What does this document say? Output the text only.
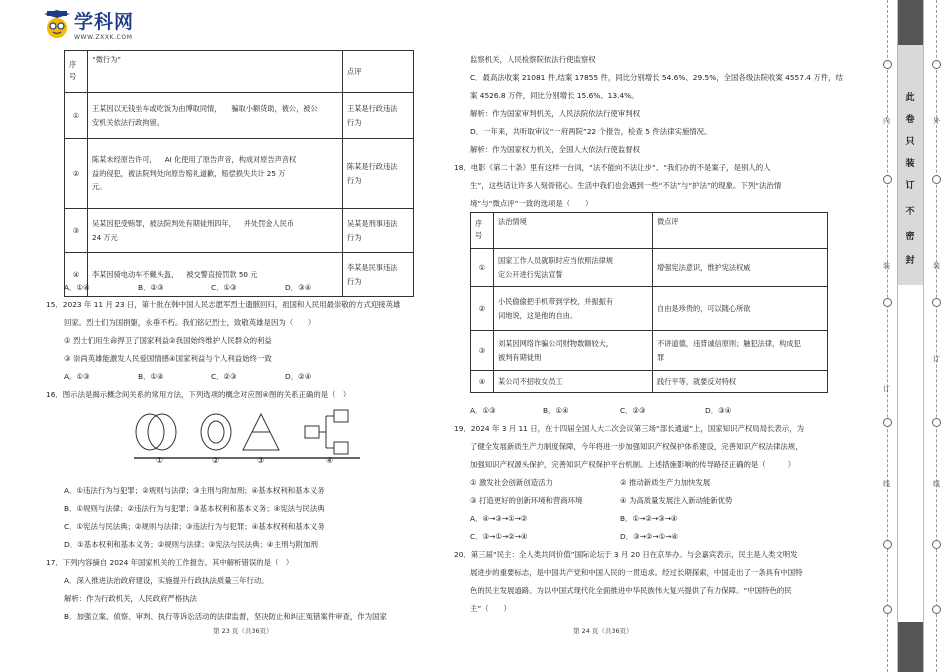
学科网
WWW.ZXXK.COM
序号	“微行为”	点评
①	王某因以无钱坐车或吃饭为由博取同情， 骗取小额货助，被公，被公
安机关依法行政拘留。	王某是行政违法
行为
②	陈某未经原告许可， AI 化使用了原告声音，构成对原告声音权
益的侵犯，被法院判处向原告赔礼道歉，赔偿损失共计 25 万
元。	陈某是行政违法
行为
③	吴某因犯受贿罪，被法院判处有期徒刑四年， 并处罚金人民币
24 万元	吴某是刑事违法
行为
④	李某因骑电动车不戴头盔， 被交警直接罚款 50 元	李某是民事违法
行为
A．①④	B．②③	C．①③	D．③④
15．2023 年 11 月 23 日，第十批在韩中国人民志愿军烈士遗骸回归，祖国和人民用最崇敬的方式迎接英雄
回家。烈士们为国捐躯，永垂不朽。我们铭记烈士，致敬英雄是因为（　　）
① 烈士们用生命捍卫了国家利益②我国始终维护人民群众的利益
③ 崇尚英雄能激发人民爱国情感④国家利益与个人利益始终一致
A．①③	B．①④	C．②③	D．②④
16．图示法是揭示概念间关系的常用方法，下列选项的概念对应图④图的关系正确的是（　）
①	②	③	④
A．①违法行为与犯罪；②规则与法律；③主刑与附加刑；④基本权利和基本义务
B．①规则与法律；②违法行为与犯罪；③基本权利和基本义务；④宪法与民法典
C．①宪法与民法典；②规则与法律；③违法行为与犯罪；④基本权利和基本义务
D．①基本权利和基本义务；②规则与法律；③宪法与民法典；④主刑与附加刑
17．下列内容摘自 2024 年国家机关的工作报告。其中解析错误的是（　）
A．深入推进法治政府建设，实施提升行政执法质量三年行动。
解析：作为行政机关，人民政府严格执法
B．加强立案、侦察、审判、执行等诉讼活动的法律监督，坚决防止和纠正冤错案件审查，作为国家
第 23 页（共36页）
监察机关，人民检察院依法行使监察权
C．最高法收案 21081 件,结案 17855 件，同比分别增长 54.6%、29.5%，全国各级法院收案 4557.4 万件，结
案 4526.8 万件，同比分别增长 15.6%、13.4%。
解析：作为国家审判机关，人民法院依法行使审判权
D．一年来，共听取审议“一府两院”22 个报告，检查 5 件法律实施情况。
解析：作为国家权力机关，全国人大依法行使监督权
18．电影《第二十条》里有这样一台词，“法不能向不法让步”、“我们办的不是案子，是别人的人
生”，这些话让许多人刻骨铭心。生活中我们也会遇到一些“不法”与“护法”的现象。下列“法治情
境”与“微点评”一致的选项是（　　）
序号	法治情境	微点评
①	国家工作人员就职时应当依照法律规
定公开进行宪法宣誓	增强宪法意识，维护宪法权威
②	小民偷偷把手机带到学校，并振振有
词地说，这是他的自由。	自由是珍贵的，可以随心所欲
③	刘某因网络诈骗公司财物数额较大，
被判有期徒刑	不讲道德，违背诚信原则；触犯法律，构成犯
罪
④	某公司不招收女员工	践行平等，就要反对特权
A．①③	B．①④	C．②③	D．③④
19．2024 年 3 月 11 日，在十四届全国人大二次会议第三场“部长通道”上，国家知识产权局局长表示，为
了健全发展新质生产力制度保障，今年将进一步加强知识产权保护体系建设，完善知识产权法律法规，
加强知识产权源头保护，完善知识产权保护平台机制。上述措施影响的传导路径正确的是（　　　）
① 激发社会创新创造活力	② 推动新质生产力加快发展
③ 打造更好的创新环境和营商环境	④ 为高质量发展注入新动能新优势
A．④→③→①→②	B．①→②→③→④
C．③→①→②→④	D．③→②→①→④
20．第三届“民主：全人类共同价值”国际论坛于 3 月 20 日在京举办。与会嘉宾表示，民主是人类文明发
展进步的重要标志，是中国共产党和中国人民的一贯追求。经过长期探索，中国走出了一条具有中国特
色的民主发展道路。为以中国式现代化全面推进中华民族伟大复兴提供了有力保障。“中国特色的民
主”（　　）
第 24 页（共36页）
此
卷
只
装
订
不
密
封
内
装
订
线
外
装
订
线
